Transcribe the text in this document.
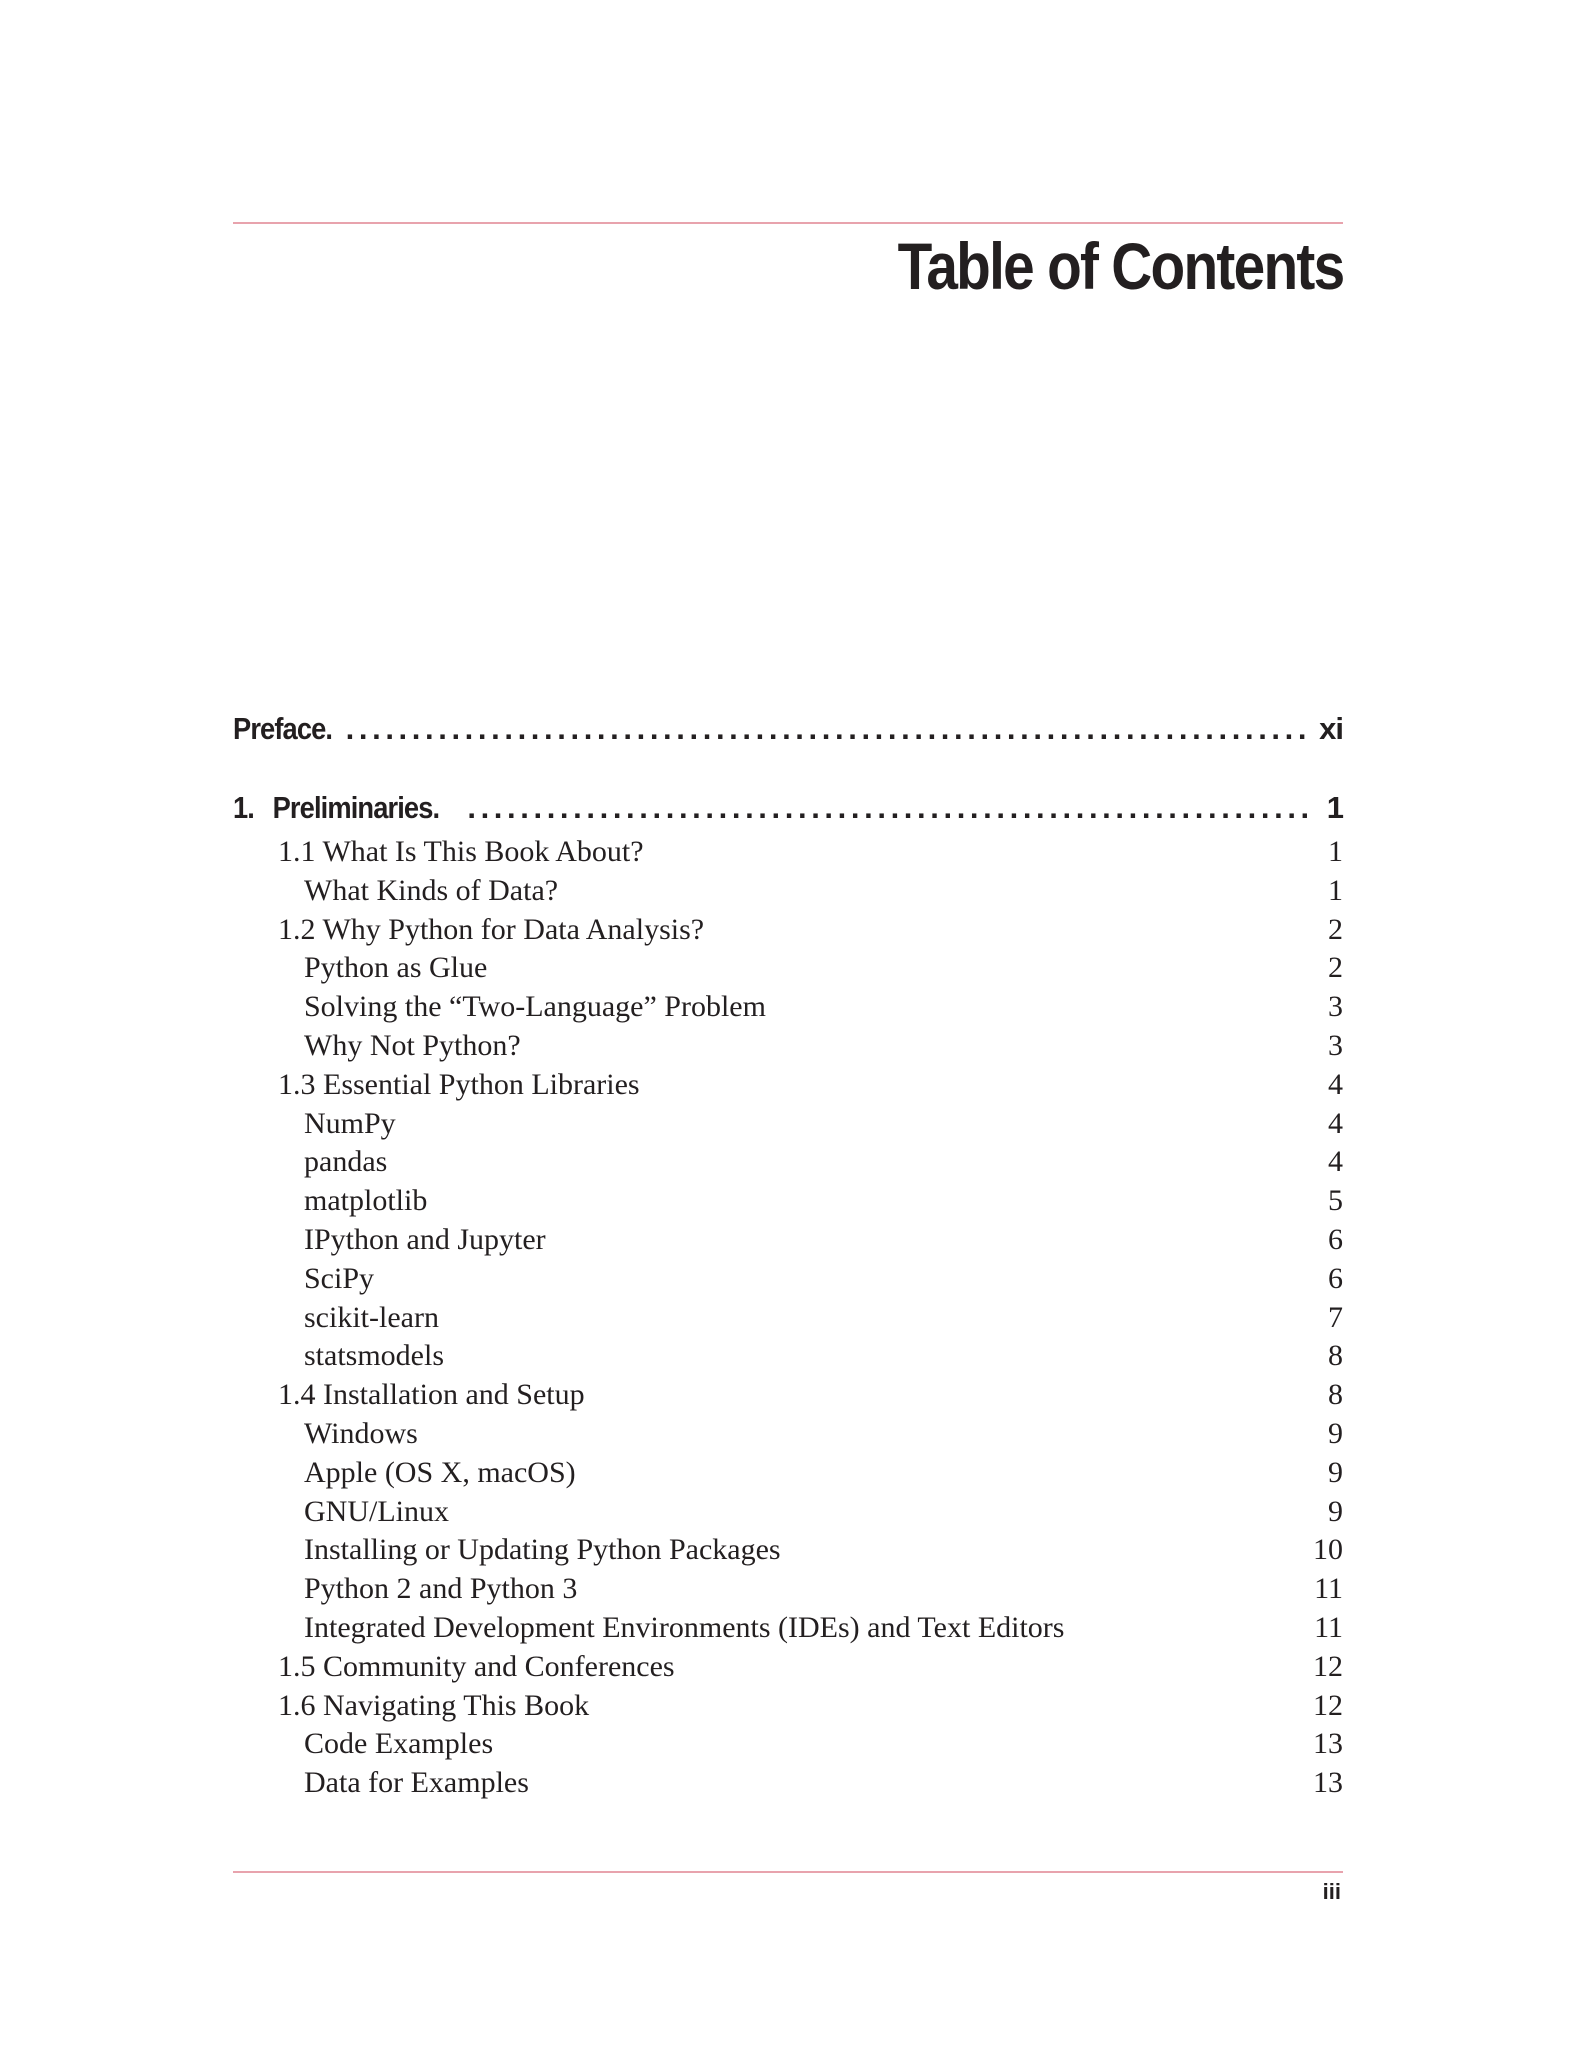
Table of Contents
Preface. . . .	xi
1. Preliminaries. . . .	1
1.1 What Is This Book About?	1
What Kinds of Data?	1
1.2 Why Python for Data Analysis?	2
Python as Glue	2
Solving the “Two-Language” Problem	3
Why Not Python?	3
1.3 Essential Python Libraries	4
NumPy	4
pandas	4
matplotlib	5
IPython and Jupyter	6
SciPy	6
scikit-learn	7
statsmodels	8
1.4 Installation and Setup	8
Windows	9
Apple (OS X, macOS)	9
GNU/Linux	9
Installing or Updating Python Packages	10
Python 2 and Python 3	11
Integrated Development Environments (IDEs) and Text Editors	11
1.5 Community and Conferences	12
1.6 Navigating This Book	12
Code Examples	13
Data for Examples	13
iii
